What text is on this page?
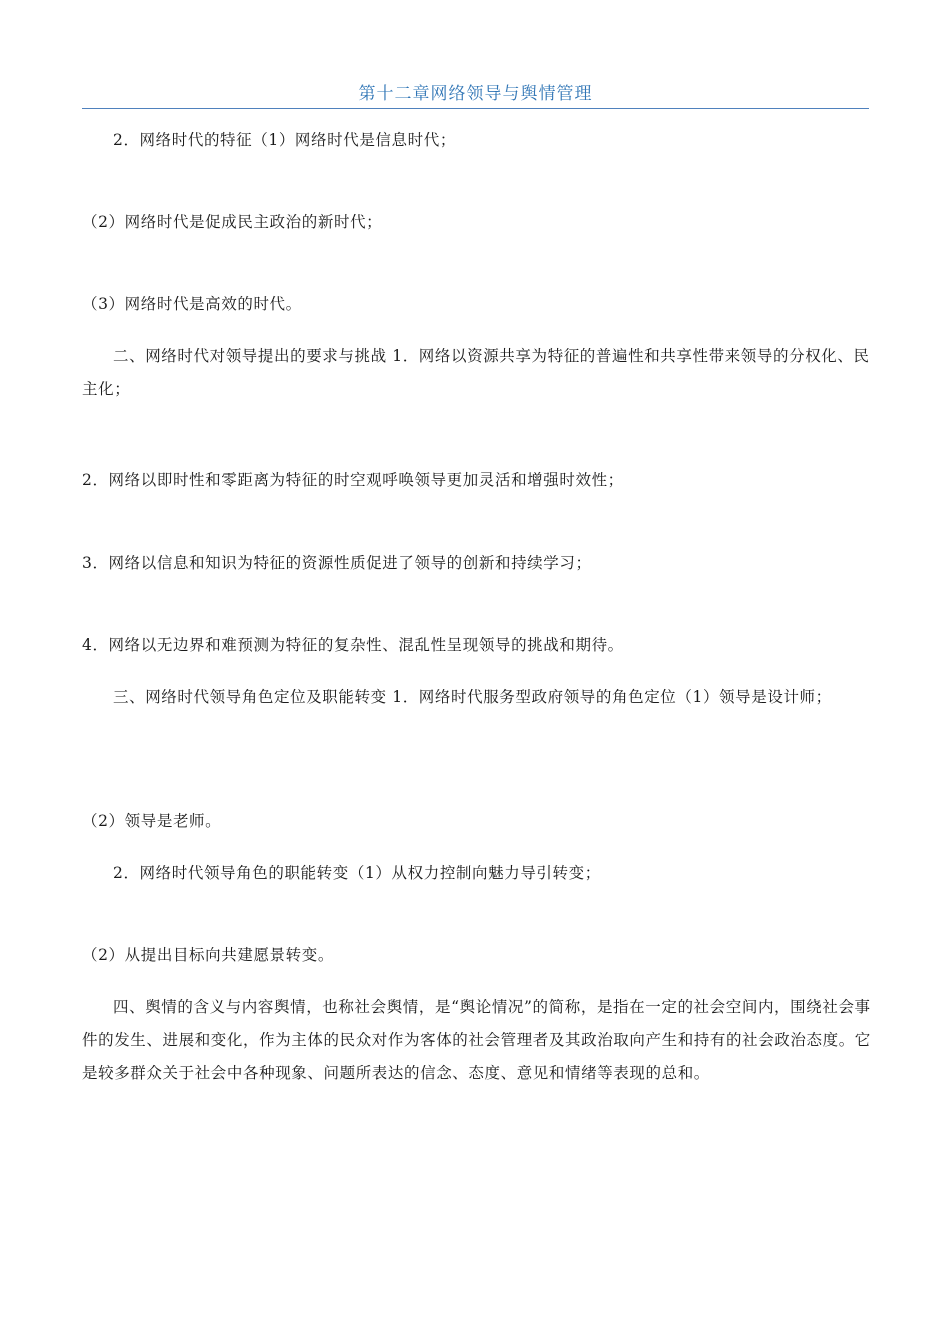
第十二章网络领导与舆情管理

2．网络时代的特征（1）网络时代是信息时代；

（2）网络时代是促成民主政治的新时代；

（3）网络时代是高效的时代。

二、网络时代对领导提出的要求与挑战 1．网络以资源共享为特征的普遍性和共享性带来领导的分权化、民主化；

2．网络以即时性和零距离为特征的时空观呼唤领导更加灵活和增强时效性；

3．网络以信息和知识为特征的资源性质促进了领导的创新和持续学习；

4．网络以无边界和难预测为特征的复杂性、混乱性呈现领导的挑战和期待。

三、网络时代领导角色定位及职能转变 1．网络时代服务型政府领导的角色定位（1）领导是设计师；

（2）领导是老师。

2．网络时代领导角色的职能转变（1）从权力控制向魅力导引转变；

（2）从提出目标向共建愿景转变。

四、舆情的含义与内容舆情，也称社会舆情，是“舆论情况”的简称，是指在一定的社会空间内，围绕社会事件的发生、进展和变化，作为主体的民众对作为客体的社会管理者及其政治取向产生和持有的社会政治态度。它是较多群众关于社会中各种现象、问题所表达的信念、态度、意见和情绪等表现的总和。
